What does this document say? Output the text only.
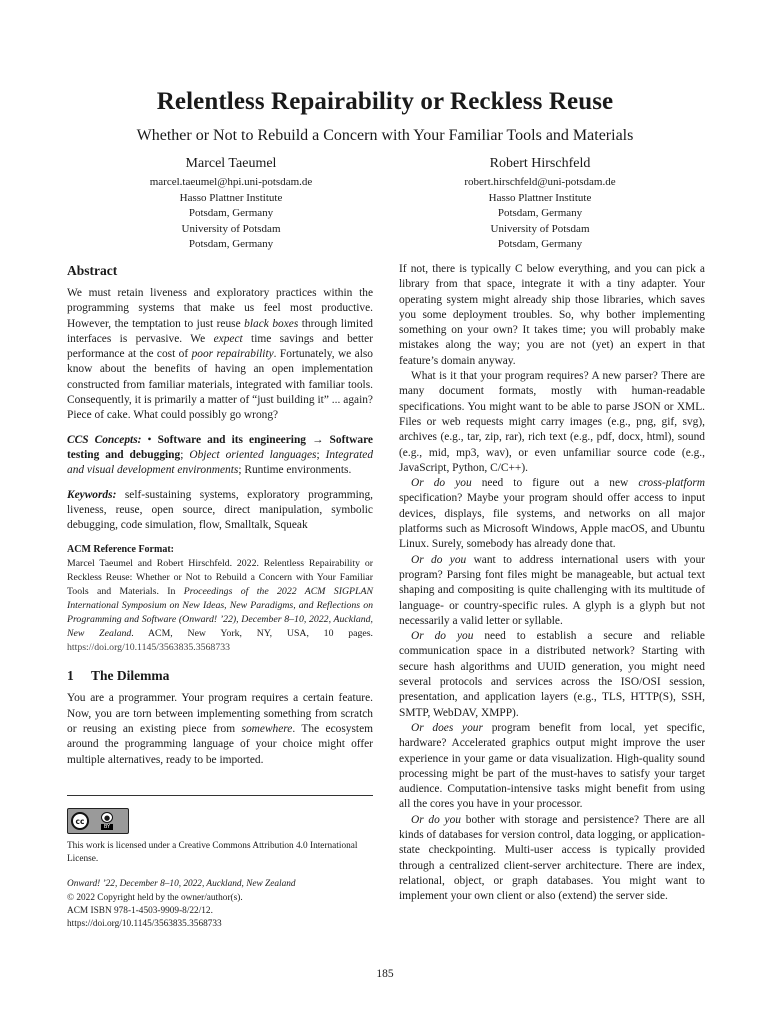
Relentless Repairability or Reckless Reuse
Whether or Not to Rebuild a Concern with Your Familiar Tools and Materials
Marcel Taeumel
marcel.taeumel@hpi.uni-potsdam.de
Hasso Plattner Institute
Potsdam, Germany
University of Potsdam
Potsdam, Germany
Robert Hirschfeld
robert.hirschfeld@uni-potsdam.de
Hasso Plattner Institute
Potsdam, Germany
University of Potsdam
Potsdam, Germany
Abstract

We must retain liveness and exploratory practices within the programming systems that make us feel most productive. However, the temptation to just reuse black boxes through limited interfaces is pervasive. We expect time savings and better performance at the cost of poor repairability. Fortunately, we also know about the benefits of having an open implementation constructed from familiar materials, integrated with familiar tools. Consequently, it is primarily a matter of “just building it” ... again? Piece of cake. What could possibly go wrong?

CCS Concepts: • Software and its engineering → Software testing and debugging; Object oriented languages; Integrated and visual development environments; Runtime environments.

Keywords: self-sustaining systems, exploratory programming, liveness, reuse, open source, direct manipulation, symbolic debugging, code simulation, flow, Smalltalk, Squeak

ACM Reference Format:

Marcel Taeumel and Robert Hirschfeld. 2022. Relentless Repairability or Reckless Reuse: Whether or Not to Rebuild a Concern with Your Familiar Tools and Materials. In Proceedings of the 2022 ACM SIGPLAN International Symposium on New Ideas, New Paradigms, and Reflections on Programming and Software (Onward! ’22), December 8–10, 2022, Auckland, New Zealand. ACM, New York, NY, USA, 10 pages. https://doi.org/10.1145/3563835.3568733

1 The Dilemma

You are a programmer. Your program requires a certain feature. Now, you are torn between implementing something from scratch or reusing an existing piece from somewhere. The ecosystem around the programming language of your choice might offer multiple alternatives, ready to be imported.

cc	●
BY
This work is licensed under a Creative Commons Attribution 4.0 International License.
Onward! ’22, December 8–10, 2022, Auckland, New Zealand
© 2022 Copyright held by the owner/author(s).
ACM ISBN 978-1-4503-9909-8/22/12.
https://doi.org/10.1145/3563835.3568733

If not, there is typically C below everything, and you can pick a library from that space, integrate it with a tiny adapter. Your operating system might already ship those libraries, which saves you some deployment troubles. So, why bother implementing something on your own? It takes time; you will probably make mistakes along the way; you are not (yet) an expert in that feature’s domain anyway.

What is it that your program requires? A new parser? There are many document formats, mostly with human-readable specifications. You might want to be able to parse JSON or XML. Files or web requests might carry images (e.g., png, gif, svg), archives (e.g., tar, zip, rar), rich text (e.g., pdf, docx, html), sound (e.g., mid, mp3, wav), or even unfamiliar source code (e.g., JavaScript, Python, C/C++).

Or do you need to figure out a new cross-platform specification? Maybe your program should offer access to input devices, displays, file systems, and networks on all major platforms such as Microsoft Windows, Apple macOS, and Ubuntu Linux. Surely, somebody has already done that.

Or do you want to address international users with your program? Parsing font files might be manageable, but actual text shaping and compositing is quite challenging with its multitude of language- or country-specific rules. A glyph is a glyph but not necessarily a valid letter or syllable.

Or do you need to establish a secure and reliable communication space in a distributed network? Starting with secure hash algorithms and UUID generation, you might need several protocols and services across the ISO/OSI session, presentation, and application layers (e.g., TLS, HTTP(S), SSH, SMTP, WebDAV, XMPP).

Or does your program benefit from local, yet specific, hardware? Accelerated graphics output might improve the user experience in your game or data visualization. High-quality sound processing might be part of the must-haves to satisfy your target audience. Computation-intensive tasks might benefit from using all the cores you have in your processor.

Or do you bother with storage and persistence? There are all kinds of databases for version control, data logging, or application-state checkpointing. Multi-user access is typically provided through a centralized client-server architecture. There are index, relational, object, or graph databases. You might want to implement your own client or also (extend) the server side.

185
